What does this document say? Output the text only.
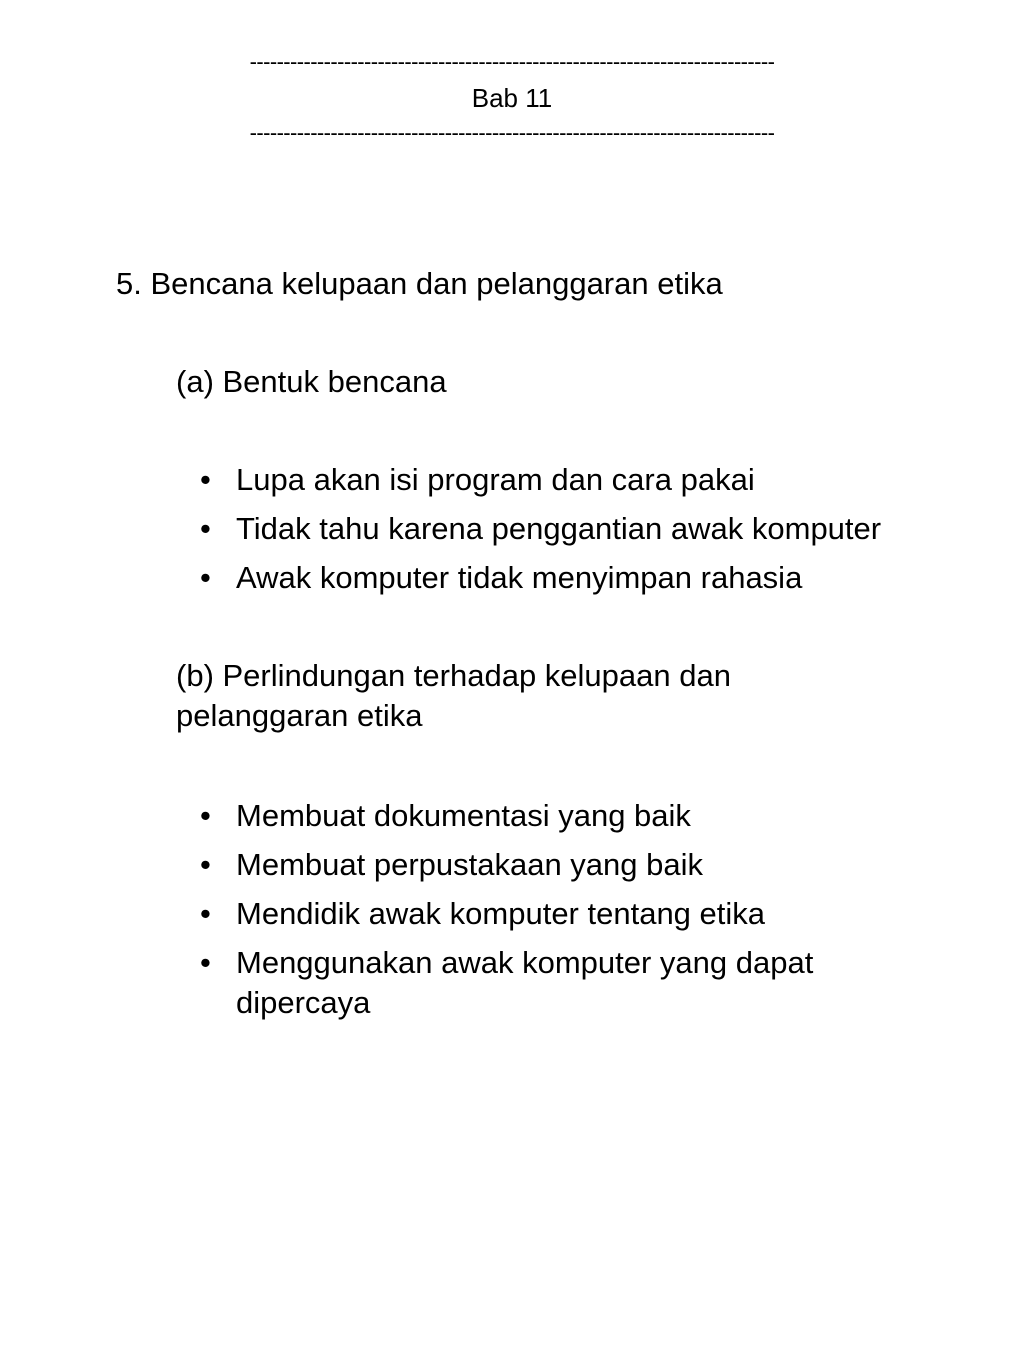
------------------------------------------------------------------------------
Bab 11
------------------------------------------------------------------------------
5. Bencana kelupaan dan pelanggaran etika
(a) Bentuk bencana
• Lupa akan isi program dan cara pakai
• Tidak tahu karena penggantian awak komputer
• Awak komputer tidak menyimpan rahasia
(b) Perlindungan terhadap kelupaan dan pelanggaran etika
• Membuat dokumentasi yang baik
• Membuat perpustakaan yang baik
• Mendidik awak komputer tentang etika
• Menggunakan awak komputer yang dapat dipercaya
